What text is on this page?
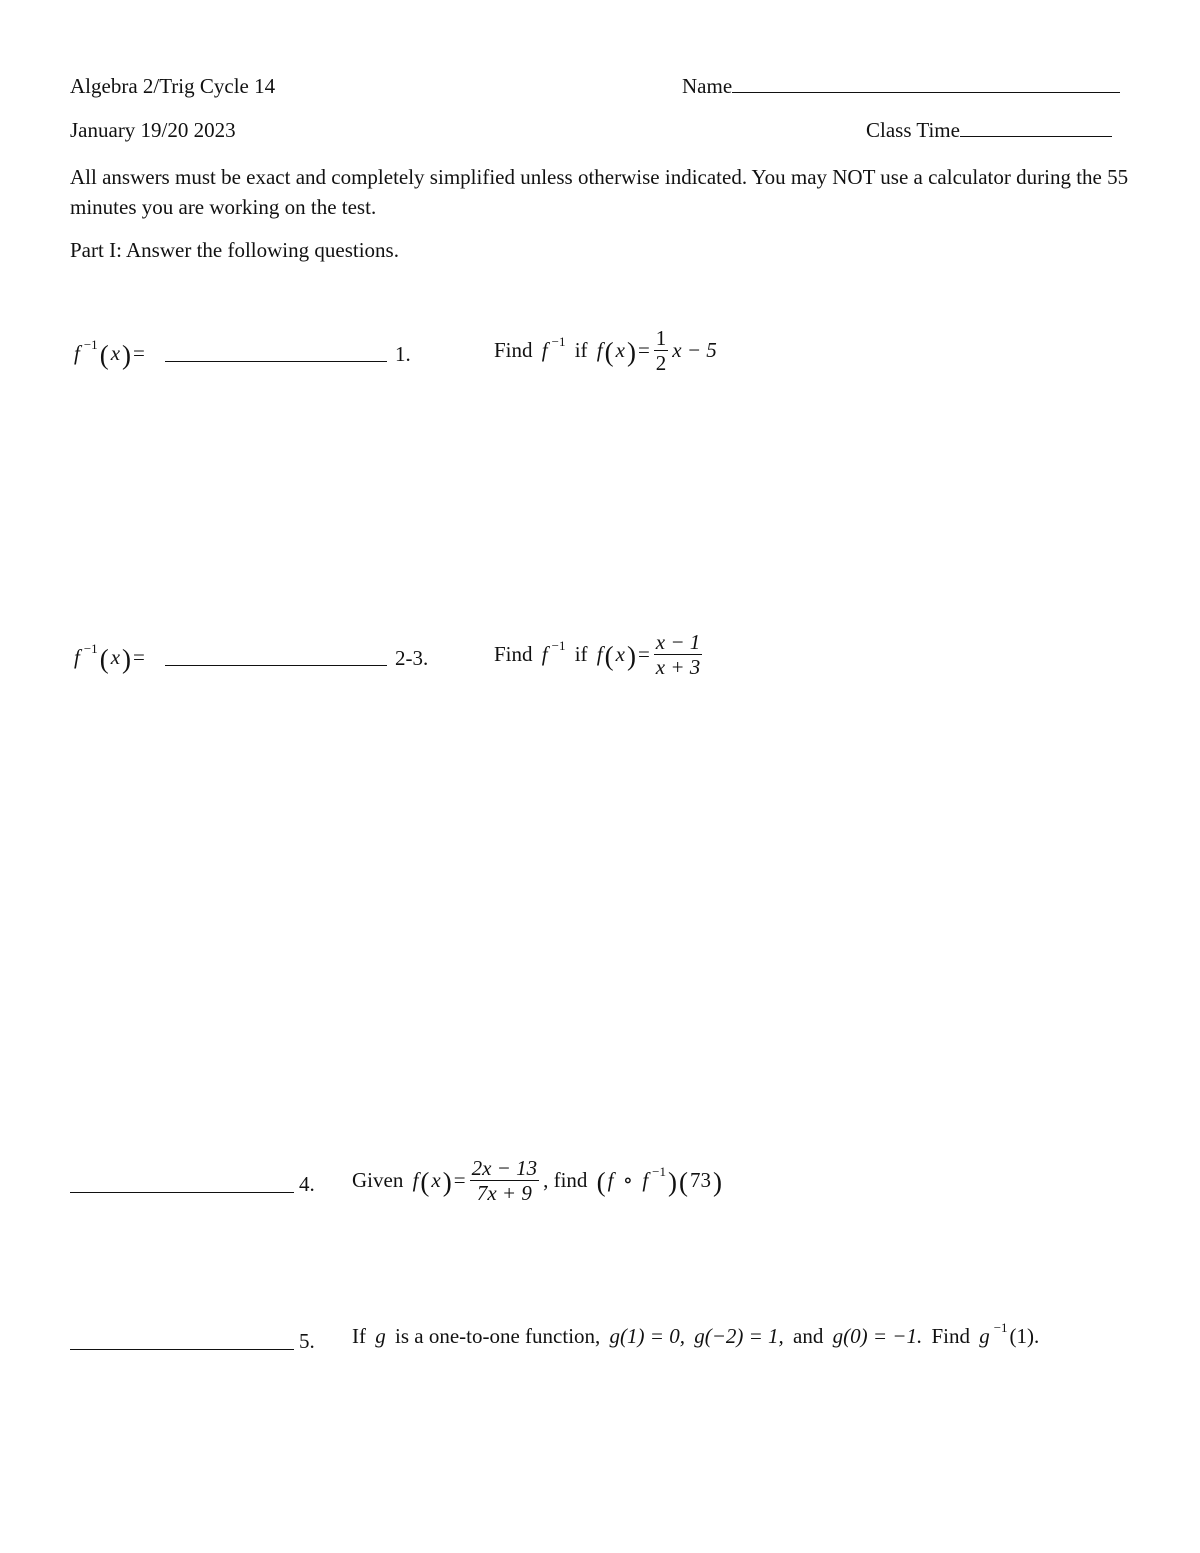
Algebra 2/Trig Cycle 14	Name
January 19/20 2023	Class Time
All answers must be exact and completely simplified unless otherwise indicated. You may NOT use a calculator during the 55 minutes you are working on the test.
Part I: Answer the following questions.
f −1 ( x ) =	1.	Find
f −1
if
f ( x ) = $\frac{1}{2}$ x − 5
f −1 ( x ) =	2-3.	Find
f −1
if
f ( x ) = $\frac{x - 1}{x + 3}$
4. Given
f ( x ) = $\frac{2x - 13}{7x + 9}$ , find
( f
∘
f −1 ) ( 73 )
5. If
g
is a one-to-one function,
g(1) = 0,
g(−2) = 1,
and
g(0) = −1.
Find
g −1 (1).
